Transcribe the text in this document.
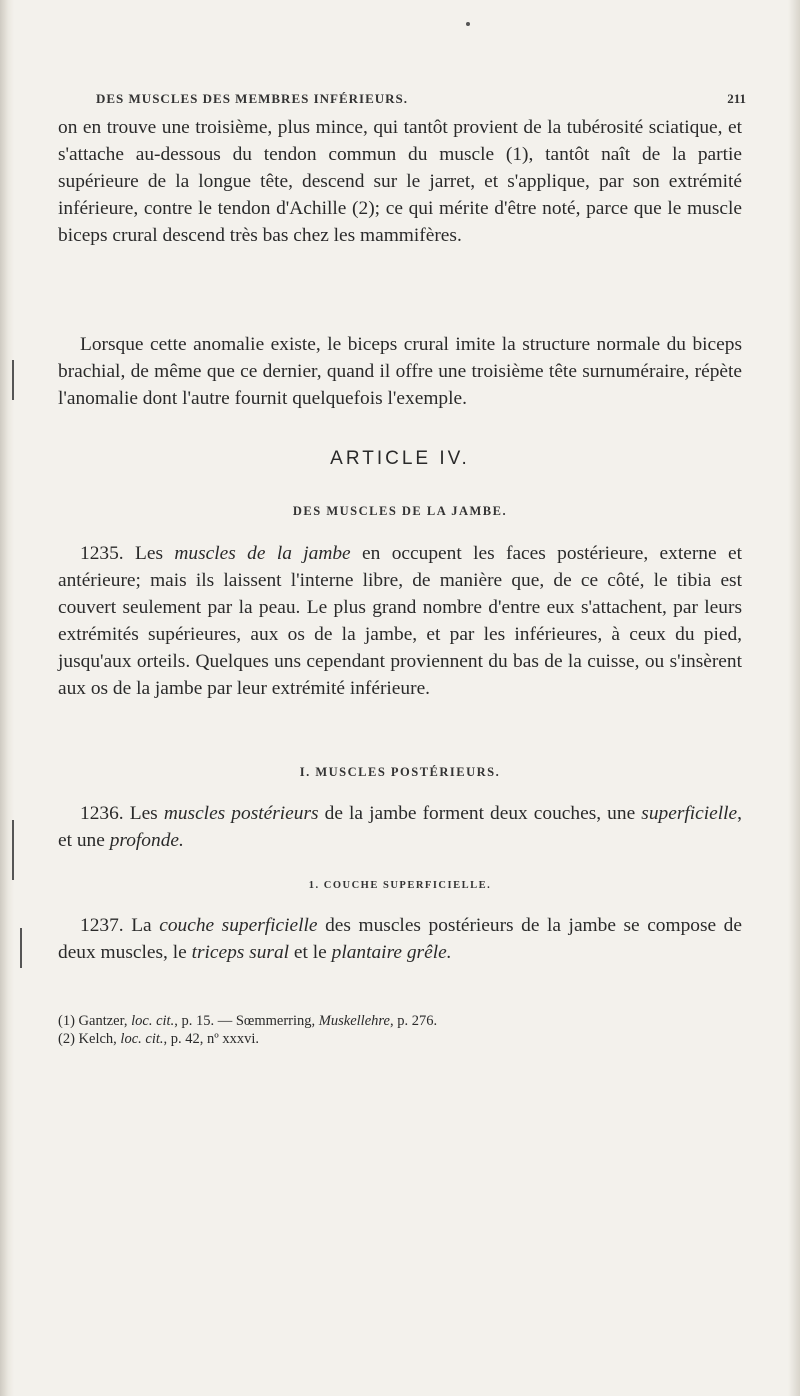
DES MUSCLES DES MEMBRES INFÉRIEURS.	211

on en trouve une troisième, plus mince, qui tantôt provient de la tubérosité sciatique, et s'attache au-dessous du tendon commun du muscle (1), tantôt naît de la partie supérieure de la longue tête, descend sur le jarret, et s'applique, par son extrémité inférieure, contre le tendon d'Achille (2); ce qui mérite d'être noté, parce que le muscle biceps crural descend très bas chez les mammifères.

Lorsque cette anomalie existe, le biceps crural imite la structure normale du biceps brachial, de même que ce dernier, quand il offre une troisième tête surnuméraire, répète l'anomalie dont l'autre fournit quelquefois l'exemple.

ARTICLE IV.
DES MUSCLES DE LA JAMBE.

1235. Les muscles de la jambe en occupent les faces postérieure, externe et antérieure; mais ils laissent l'interne libre, de manière que, de ce côté, le tibia est couvert seulement par la peau. Le plus grand nombre d'entre eux s'attachent, par leurs extrémités supérieures, aux os de la jambe, et par les inférieures, à ceux du pied, jusqu'aux orteils. Quelques uns cependant proviennent du bas de la cuisse, ou s'insèrent aux os de la jambe par leur extrémité inférieure.

I. MUSCLES POSTÉRIEURS.

1236. Les muscles postérieurs de la jambe forment deux couches, une superficielle, et une profonde.

1. COUCHE SUPERFICIELLE.

1237. La couche superficielle des muscles postérieurs de la jambe se compose de deux muscles, le triceps sural et le plantaire grêle.

(1) Gantzer, loc. cit., p. 15. — Sœmmerring, Muskellehre, p. 276.
(2) Kelch, loc. cit., p. 42, nº xxxvi.
